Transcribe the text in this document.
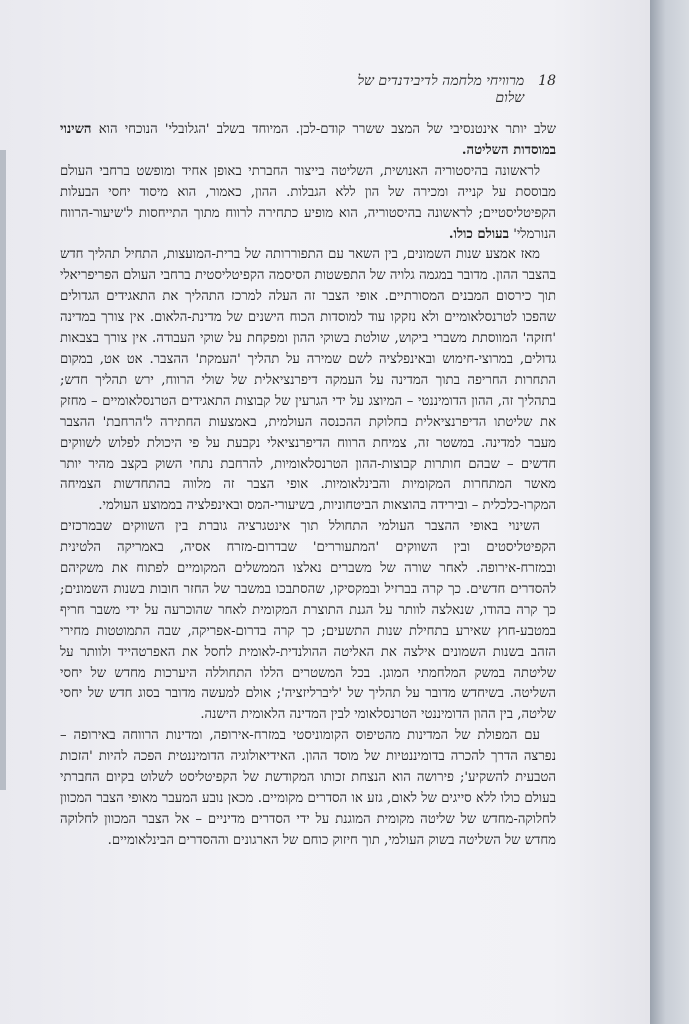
18
מרוויחי מלחמה לדיבידנדים של שלום

שלב יותר אינטנסיבי של המצב ששרר קודם-לכן. המיוחד בשלב 'הגלובלי' הנוכחי הוא השינוי במוסדות השליטה.

לראשונה בהיסטוריה האנושית, השליטה בייצור החברתי באופן אחיד ומופשט ברחבי העולם מבוססת על קנייה ומכירה של הון ללא הגבלות. ההון, כאמור, הוא מיסוד יחסי הבעלות הקפיטליסטיים; לראשונה בהיסטוריה, הוא מופיע כתחירה לרווח מתוך התייחסות ל'שיעור-הרווח הנורמלי' בעולם כולו.

מאז אמצע שנות השמונים, בין השאר עם התפוררותה של ברית-המועצות, התחיל תהליך חדש בהצבר ההון. מדובר במגמה גלויה של התפשטות הסיסמה הקפיטליסטית ברחבי העולם הפריפריאלי תוך כירסום המבנים המסורתיים. אופי הצבר זה העלה למרכז התהליך את התאגידים הגדולים שהפכו לטרנסלאומיים ולא נזקקו עוד למוסדות הכוח הישנים של מדינת-הלאום. אין צורך במדינה 'חזקה' המווסתת משברי ביקוש, שולטת בשוקי ההון ומפקחת על שוקי העבודה. אין צורך בצבאות גדולים, במרוצי-חימוש ובאינפלציה לשם שמירה על תהליך 'העמקת' ההצבר. אט אט, במקום התחרות החריפה בתוך המדינה על העמקה דיפרנציאלית של שולי הרווח, ירש תהליך חדש; בתהליך זה, ההון הדומיננטי – המיוצג על ידי הגרעין של קבוצות התאגידים הטרנסלאומיים – מחזק את שליטתו הדיפרנציאלית בחלוקת ההכנסה העולמית, באמצעות החתירה ל'הרחבת' ההצבר מעבר למדינה. במשטר זה, צמיחת הרווח הדיפרנציאלי נקבעת על פי היכולת לפלוש לשווקים חדשים – שבהם חותרות קבוצות-ההון הטרנסלאומיות, להרחבת נתחי השוק בקצב מהיר יותר מאשר המתחרות המקומיות והבינלאומיות. אופי הצבר זה מלווה בהתחדשות הצמיחה המקרו-כלכלית – ובירידה בהוצאות הביטחוניות, בשיעורי-המס ובאינפלציה בממוצע העולמי.

השינוי באופי ההצבר העולמי התחולל תוך אינטגרציה גוברת בין השווקים שבמרכזים הקפיטליסטים ובין השווקים 'המתעוררים' שבדרום-מזרח אסיה, באמריקה הלטינית ובמזרח-אירופה. לאחר שורה של משברים נאלצו הממשלים המקומיים לפתוח את משקיהם להסדרים חדשים. כך קרה בברזיל ובמקסיקו, שהסתבכו במשבר של החזר חובות בשנות השמונים; כך קרה בהודו, שנאלצה לוותר על הגנת התוצרת המקומית לאחר שהוכרעה על ידי משבר חריף במטבע-חוץ שאירע בתחילת שנות התשעים; כך קרה בדרום-אפריקה, שבה התמוטטות מחירי הזהב בשנות השמונים אילצה את האליטה ההולנדית-לאומית לחסל את האפרטהייד ולוותר על שליטתה במשק המלחמתי המוגן. בכל המשטרים הללו התחוללה היערכות מחדש של יחסי השליטה. בשיחדש מדובר על תהליך של 'ליברליזציה'; אולם למעשה מדובר בסוג חדש של יחסי שליטה, בין ההון הדומיננטי הטרנסלאומי לבין המדינה הלאומית הישנה.

עם המפולת של המדינות מהטיפוס הקומוניסטי במזרח-אירופה, ומדינות הרווחה באירופה – נפרצה הדרך להכרה בדומיננטיות של מוסד ההון. האידיאולוגיה הדומיננטית הפכה להיות 'הזכות הטבעית להשקיע'; פירושה הוא הנצחת זכותו המקודשת של הקפיטליסט לשלוט בקיום החברתי בעולם כולו ללא סייגים של לאום, גזע או הסדרים מקומיים. מכאן נובע המעבר מאופי הצבר המכוון לחלוקה-מחדש של שליטה מקומית המוגנת על ידי הסדרים מדיניים – אל הצבר המכוון לחלוקה מחדש של השליטה בשוק העולמי, תוך חיזוק כוחם של הארגונים וההסדרים הבינלאומיים.
